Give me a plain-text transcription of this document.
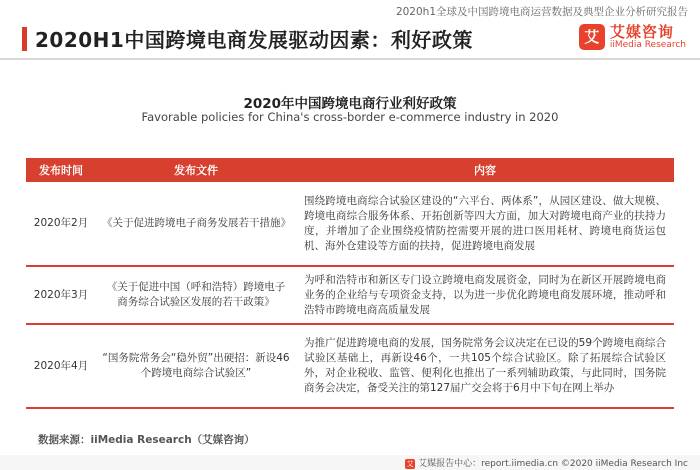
2020h1全球及中国跨境电商运营数据及典型企业分析研究报告
2020H1中国跨境电商发展驱动因素：利好政策	艾 艾媒咨询
iiMedia Research
2020年中国跨境电商行业利好政策
Favorable policies for China's cross-border e-commerce industry in 2020
发布时间	发布文件	内容
2020年2月	《关于促进跨境电子商务发展若干措施》	围绕跨境电商综合试验区建设的“六平台、两体系”，从园区建设、做大规模、跨境电商综合服务体系、开拓创新等四大方面，加大对跨境电商产业的扶持力度，并增加了企业围绕疫情防控需要开展的进口医用耗材、跨境电商货运包机、海外仓建设等方面的扶持，促进跨境电商发展
2020年3月	《关于促进中国（呼和浩特）跨境电子商务综合试验区发展的若干政策》	为呼和浩特市和新区专门设立跨境电商发展资金，同时为在新区开展跨境电商业务的企业给与专项资金支持，以为进一步优化跨境电商发展环境，推动呼和浩特市跨境电商高质量发展
2020年4月	“国务院常务会“稳外贸”出硬招：新设46个跨境电商综合试验区”	为推广促进跨境电商的发展，国务院常务会议决定在已设的59个跨境电商综合试验区基础上，再新设46个，一共105个综合试验区。除了拓展综合试验区外，对企业税收、监管、便利化也推出了一系列辅助政策，与此同时，国务院商务会决定，备受关注的第127届广交会将于6月中下旬在网上举办
数据来源：iiMedia Research（艾媒咨询）
艾 艾媒报告中心：report.iimedia.cn ©2020 iiMedia Research Inc
